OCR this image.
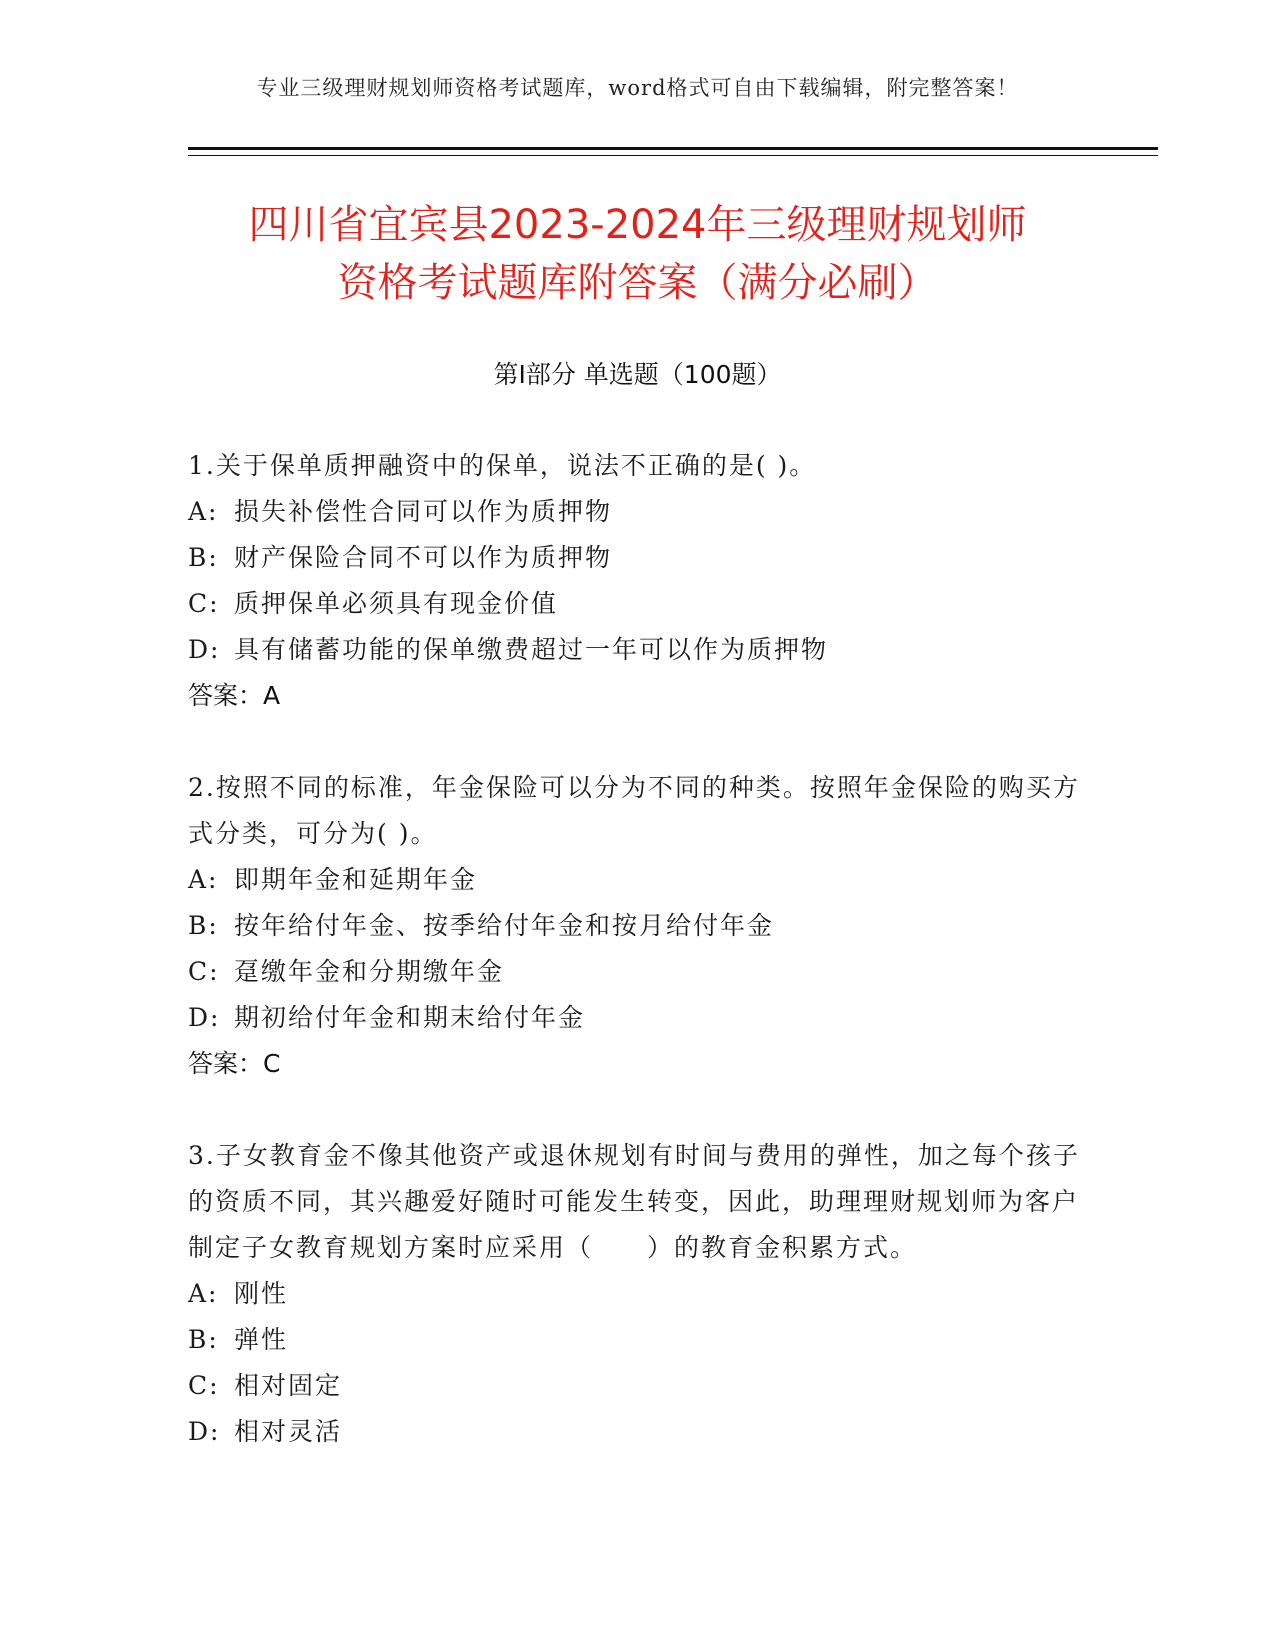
专业三级理财规划师资格考试题库，word格式可自由下载编辑，附完整答案！
四川省宜宾县2023-2024年三级理财规划师
资格考试题库附答案（满分必刷）
第Ⅰ部分 单选题（100题）

1.关于保单质押融资中的保单，说法不正确的是( )。

A: 损失补偿性合同可以作为质押物
B: 财产保险合同不可以作为质押物
C: 质押保单必须具有现金价值
D: 具有储蓄功能的保单缴费超过一年可以作为质押物
答案：A

2.按照不同的标准，年金保险可以分为不同的种类。按照年金保险的购买方式分类，可分为( )。

A: 即期年金和延期年金
B: 按年给付年金、按季给付年金和按月给付年金
C: 趸缴年金和分期缴年金
D: 期初给付年金和期末给付年金
答案：C

3.子女教育金不像其他资产或退休规划有时间与费用的弹性，加之每个孩子的资质不同，其兴趣爱好随时可能发生转变，因此，助理理财规划师为客户制定子女教育规划方案时应采用（　　）的教育金积累方式。

A: 刚性
B: 弹性
C: 相对固定
D: 相对灵活
